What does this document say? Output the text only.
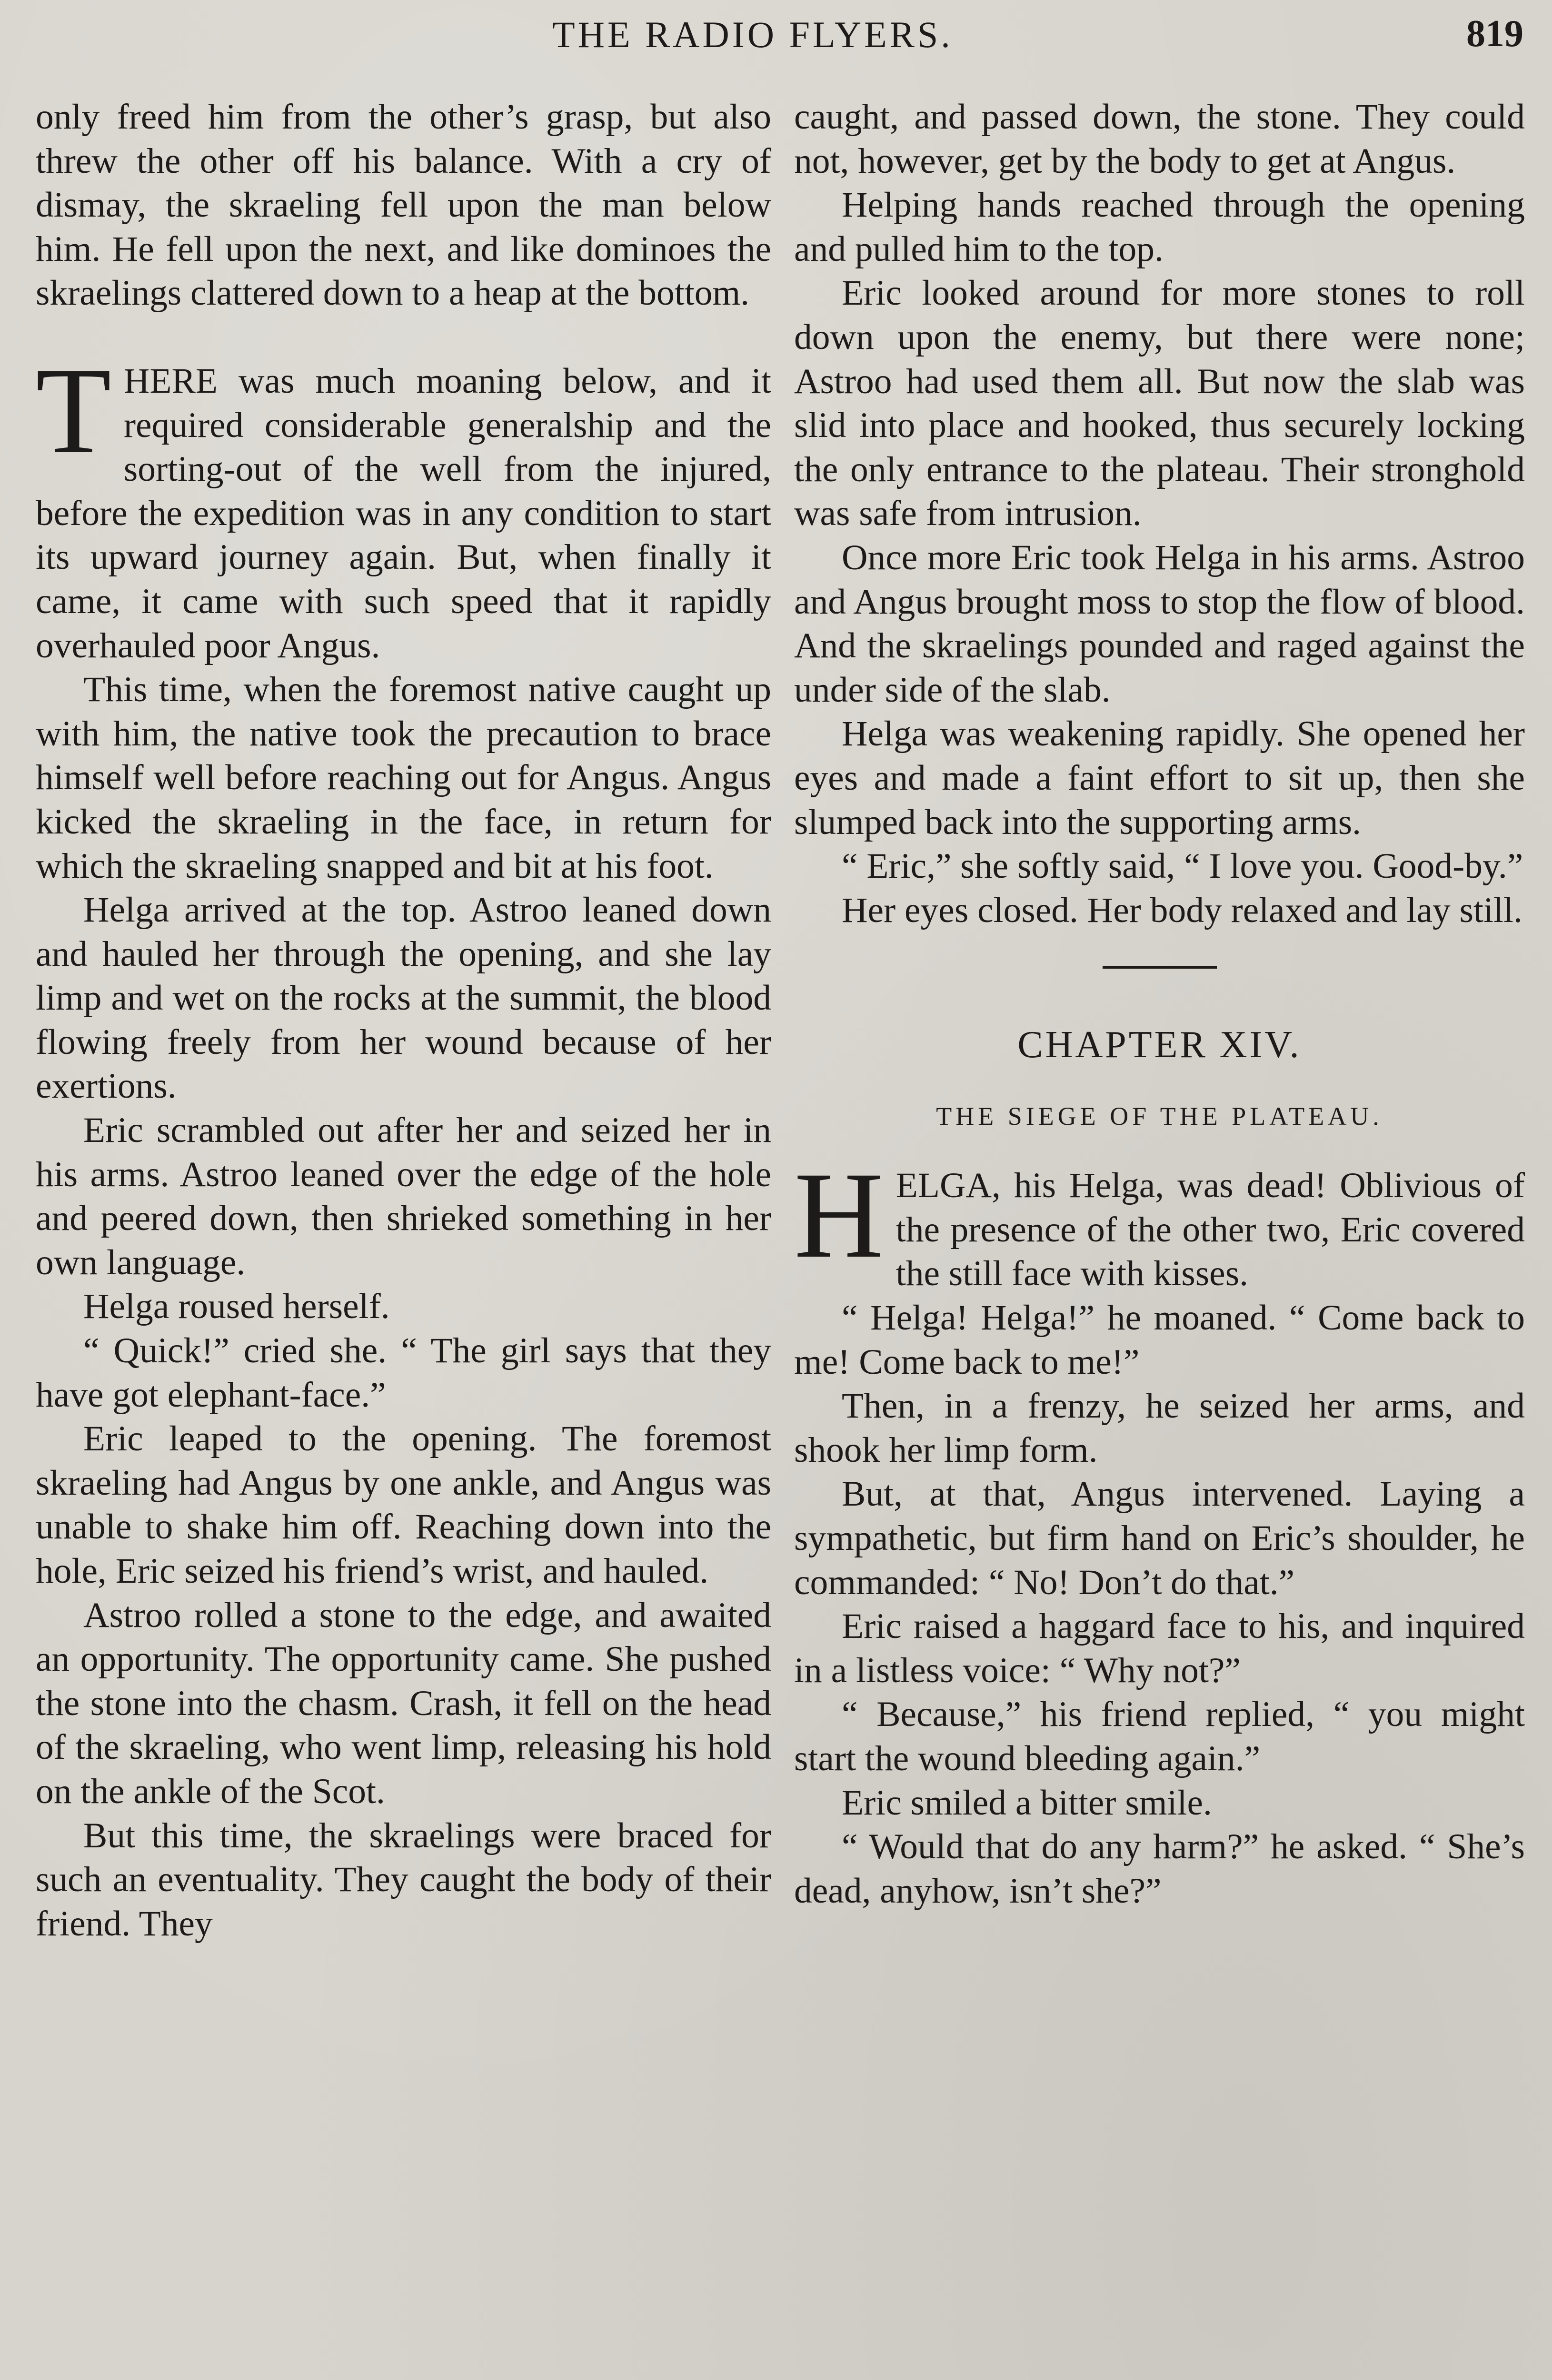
THE RADIO FLYERS.	819

only freed him from the other’s grasp, but also threw the other off his balance. With a cry of dismay, the skraeling fell upon the man below him. He fell upon the next, and like dominoes the skraelings clattered down to a heap at the bottom.

THERE was much moaning below, and it required considerable generalship and the sorting-out of the well from the injured, before the expedition was in any condition to start its upward journey again. But, when finally it came, it came with such speed that it rapidly overhauled poor Angus.

This time, when the foremost native caught up with him, the native took the precaution to brace himself well before reaching out for Angus. Angus kicked the skraeling in the face, in return for which the skraeling snapped and bit at his foot.

Helga arrived at the top. Astroo leaned down and hauled her through the opening, and she lay limp and wet on the rocks at the summit, the blood flowing freely from her wound because of her exertions.

Eric scrambled out after her and seized her in his arms. Astroo leaned over the edge of the hole and peered down, then shrieked something in her own language.

Helga roused herself.

“ Quick!” cried she. “ The girl says that they have got elephant-face.”

Eric leaped to the opening. The foremost skraeling had Angus by one ankle, and Angus was unable to shake him off. Reaching down into the hole, Eric seized his friend’s wrist, and hauled.

Astroo rolled a stone to the edge, and awaited an opportunity. The opportunity came. She pushed the stone into the chasm. Crash, it fell on the head of the skraeling, who went limp, releasing his hold on the ankle of the Scot.

But this time, the skraelings were braced for such an eventuality. They caught the body of their friend. They

caught, and passed down, the stone. They could not, however, get by the body to get at Angus.

Helping hands reached through the opening and pulled him to the top.

Eric looked around for more stones to roll down upon the enemy, but there were none; Astroo had used them all. But now the slab was slid into place and hooked, thus securely locking the only entrance to the plateau. Their stronghold was safe from intrusion.

Once more Eric took Helga in his arms. Astroo and Angus brought moss to stop the flow of blood. And the skraelings pounded and raged against the under side of the slab.

Helga was weakening rapidly. She opened her eyes and made a faint effort to sit up, then she slumped back into the supporting arms.

“ Eric,” she softly said, “ I love you. Good-by.”

Her eyes closed. Her body relaxed and lay still.

CHAPTER XIV.
THE SIEGE OF THE PLATEAU.

HELGA, his Helga, was dead! Oblivious of the presence of the other two, Eric covered the still face with kisses.

“ Helga! Helga!” he moaned. “ Come back to me! Come back to me!”

Then, in a frenzy, he seized her arms, and shook her limp form.

But, at that, Angus intervened. Laying a sympathetic, but firm hand on Eric’s shoulder, he commanded: “ No! Don’t do that.”

Eric raised a haggard face to his, and inquired in a listless voice: “ Why not?”

“ Because,” his friend replied, “ you might start the wound bleeding again.”

Eric smiled a bitter smile.

“ Would that do any harm?” he asked. “ She’s dead, anyhow, isn’t she?”
